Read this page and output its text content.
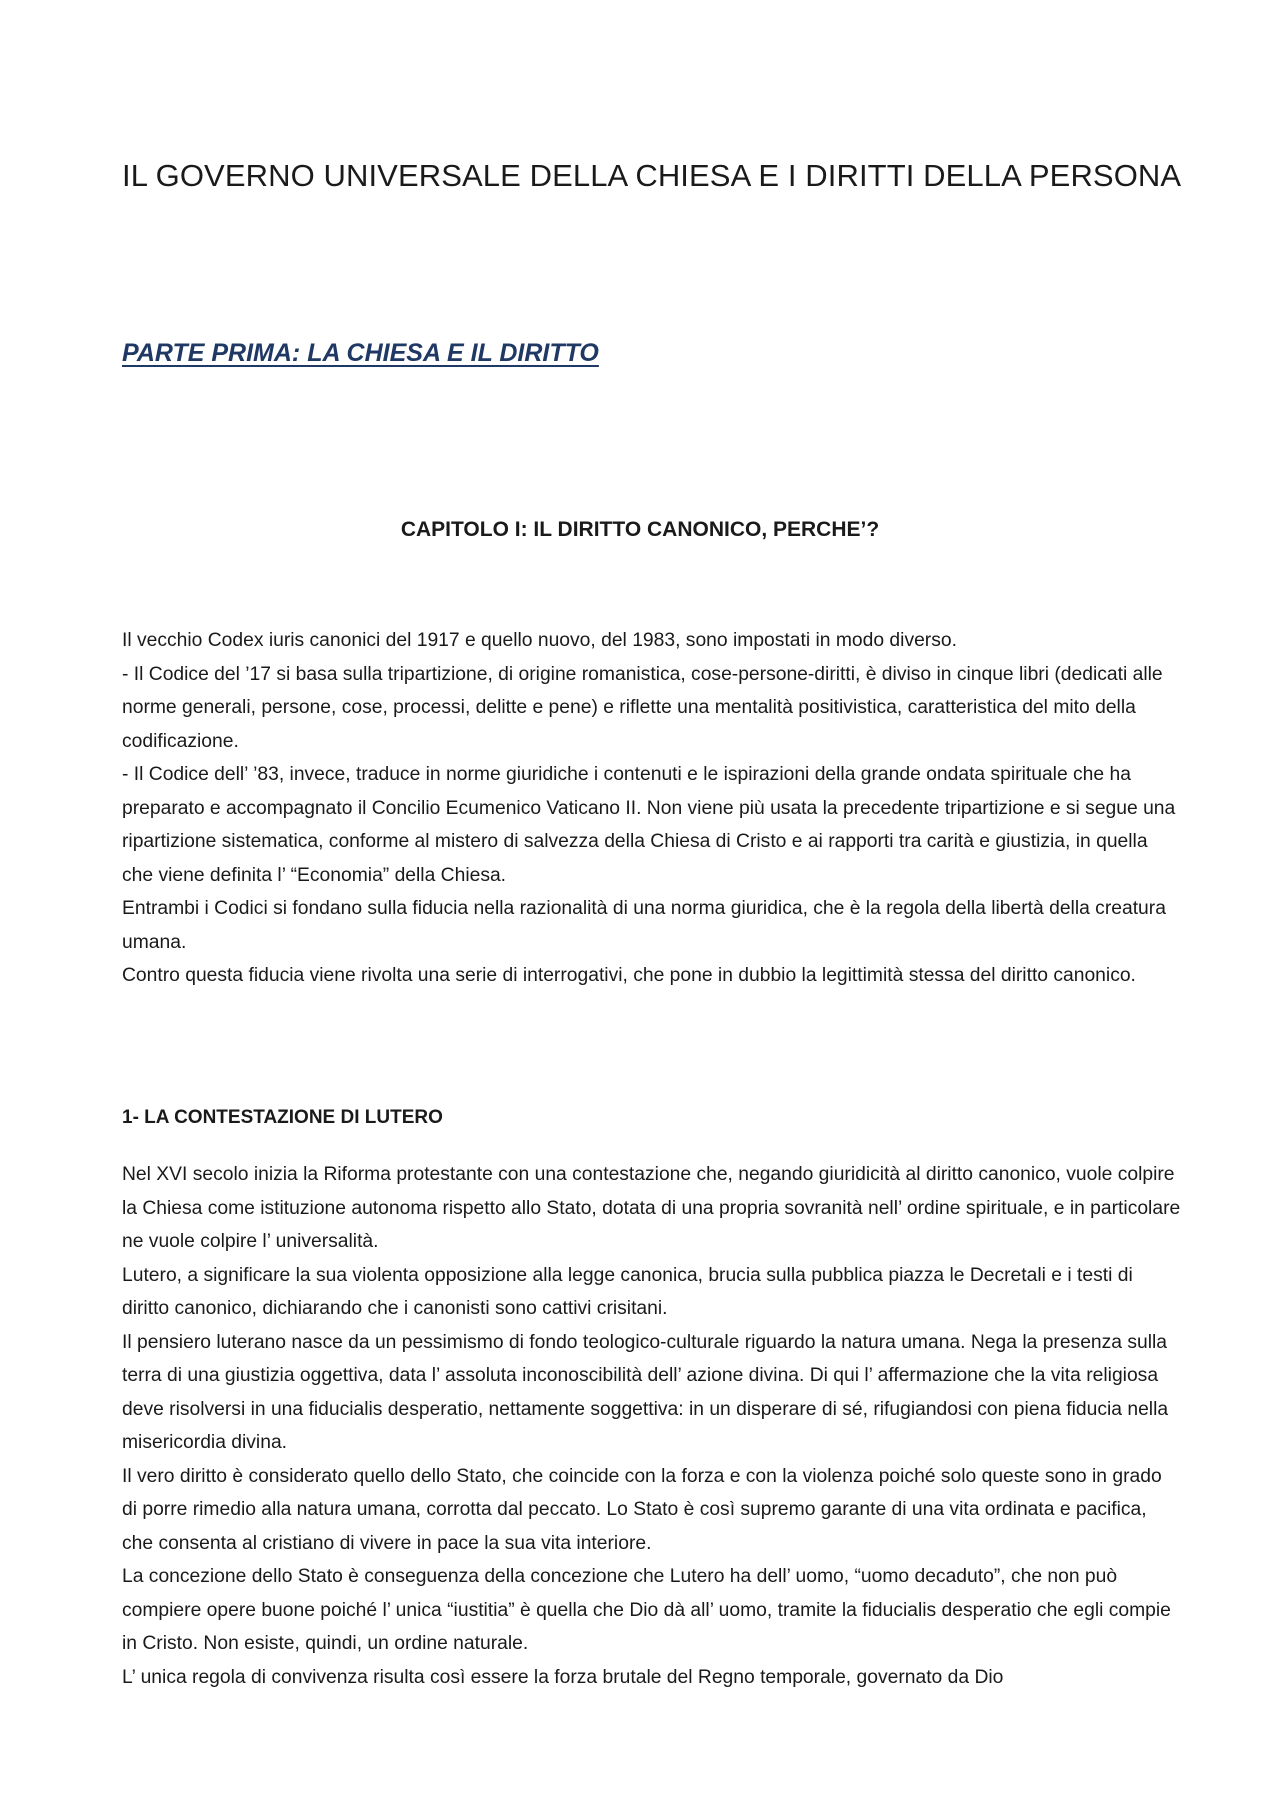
IL GOVERNO UNIVERSALE DELLA CHIESA E I DIRITTI DELLA PERSONA
PARTE PRIMA: LA CHIESA E IL DIRITTO
CAPITOLO I: IL DIRITTO CANONICO, PERCHE’?

Il vecchio Codex iuris canonici del 1917 e quello nuovo, del 1983, sono impostati in modo diverso.

- Il Codice del ’17 si basa sulla tripartizione, di origine romanistica, cose-persone-diritti, è diviso in cinque libri (dedicati alle norme generali, persone, cose, processi, delitte e pene) e riflette una mentalità positivistica, caratteristica del mito della codificazione.

- Il Codice dell’ ’83, invece, traduce in norme giuridiche i contenuti e le ispirazioni della grande ondata spirituale che ha preparato e accompagnato il Concilio Ecumenico Vaticano II. Non viene più usata la precedente tripartizione e si segue una ripartizione sistematica, conforme al mistero di salvezza della Chiesa di Cristo e ai rapporti tra carità e giustizia, in quella che viene definita l’ “Economia” della Chiesa.

Entrambi i Codici si fondano sulla fiducia nella razionalità di una norma giuridica, che è la regola della libertà della creatura umana.

Contro questa fiducia viene rivolta una serie di interrogativi, che pone in dubbio la legittimità stessa del diritto canonico.

1- LA CONTESTAZIONE DI LUTERO

Nel XVI secolo inizia la Riforma protestante con una contestazione che, negando giuridicità al diritto canonico, vuole colpire la Chiesa come istituzione autonoma rispetto allo Stato, dotata di una propria sovranità nell’ ordine spirituale, e in particolare ne vuole colpire l’ universalità.

Lutero, a significare la sua violenta opposizione alla legge canonica, brucia sulla pubblica piazza le Decretali e i testi di diritto canonico, dichiarando che i canonisti sono cattivi crisitani.

Il pensiero luterano nasce da un pessimismo di fondo teologico-culturale riguardo la natura umana. Nega la presenza sulla terra di una giustizia oggettiva, data l’ assoluta inconoscibilità dell’ azione divina. Di qui l’ affermazione che la vita religiosa deve risolversi in una fiducialis desperatio, nettamente soggettiva: in un disperare di sé, rifugiandosi con piena fiducia nella misericordia divina.

Il vero diritto è considerato quello dello Stato, che coincide con la forza e con la violenza poiché solo queste sono in grado di porre rimedio alla natura umana, corrotta dal peccato. Lo Stato è così supremo garante di una vita ordinata e pacifica, che consenta al cristiano di vivere in pace la sua vita interiore.

La concezione dello Stato è conseguenza della concezione che Lutero ha dell’ uomo, “uomo decaduto”, che non può compiere opere buone poiché l’ unica “iustitia” è quella che Dio dà all’ uomo, tramite la fiducialis desperatio che egli compie in Cristo. Non esiste, quindi, un ordine naturale.

L’ unica regola di convivenza risulta così essere la forza brutale del Regno temporale, governato da Dio
